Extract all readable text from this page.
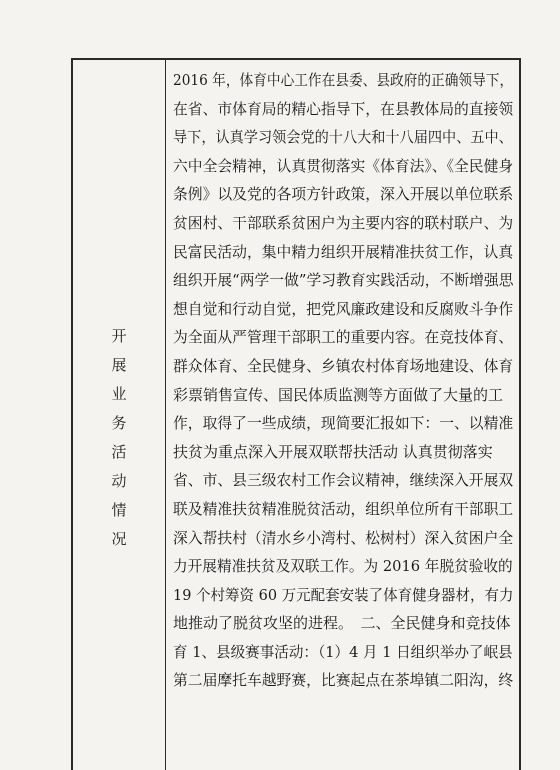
开
展
业
务
活
动
情
况
2016 年，体育中心工作在县委、县政府的正确领导下，
在省、市体育局的精心指导下，在县教体局的直接领
导下，认真学习领会党的十八大和十八届四中、五中、
六中全会精神，认真贯彻落实《体育法》、《全民健身
条例》以及党的各项方针政策，深入开展以单位联系
贫困村、干部联系贫困户为主要内容的联村联户、为
民富民活动，集中精力组织开展精准扶贫工作，认真
组织开展“两学一做”学习教育实践活动，不断增强思
想自觉和行动自觉，把党风廉政建设和反腐败斗争作
为全面从严管理干部职工的重要内容。在竞技体育、
群众体育、全民健身、乡镇农村体育场地建设、体育
彩票销售宣传、国民体质监测等方面做了大量的工
作，取得了一些成绩，现简要汇报如下：一、以精准
扶贫为重点深入开展双联帮扶活动 认真贯彻落实
省、市、县三级农村工作会议精神，继续深入开展双
联及精准扶贫精准脱贫活动，组织单位所有干部职工
深入帮扶村（清水乡小湾村、松树村）深入贫困户全
力开展精准扶贫及双联工作。为 2016 年脱贫验收的
19 个村筹资 60 万元配套安装了体育健身器材，有力
地推动了脱贫攻坚的进程。　二、全民健身和竞技体
育 1、县级赛事活动：（1）4 月 1 日组织举办了岷县
第二届摩托车越野赛，比赛起点在茶埠镇二阳沟，终
